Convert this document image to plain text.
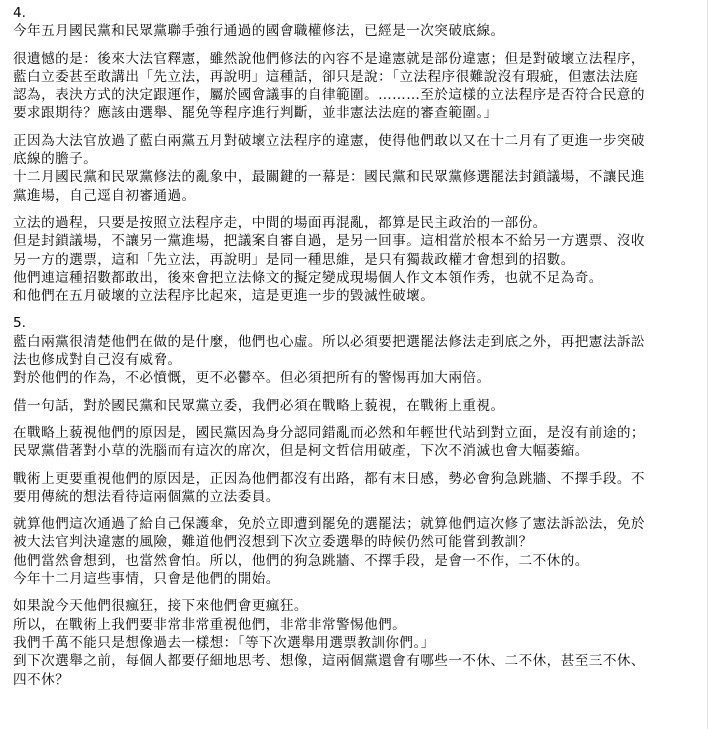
4.
今年五月國民黨和民眾黨聯手強行通過的國會職權修法，已經是一次突破底線。
很遺憾的是：後來大法官釋憲，雖然說他們修法的內容不是違憲就是部份違憲；但是對破壞立法程序，
藍白立委甚至敢講出「先立法，再說明」這種話，卻只是說：「立法程序很難說沒有瑕疵，但憲法法庭
認為，表決方式的決定跟運作，屬於國會議事的自律範圍。………至於這樣的立法程序是否符合民意的
要求跟期待？應該由選舉、罷免等程序進行判斷，並非憲法法庭的審查範圍。」
正因為大法官放過了藍白兩黨五月對破壞立法程序的違憲，使得他們敢以又在十二月有了更進一步突破
底線的膽子。
十二月國民黨和民眾黨修法的亂象中，最關鍵的一幕是：國民黨和民眾黨修選罷法封鎖議場，不讓民進
黨進場，自己逕自初審通過。
立法的過程，只要是按照立法程序走，中間的場面再混亂，都算是民主政治的一部份。
但是封鎖議場，不讓另一黨進場，把議案自審自過，是另一回事。這相當於根本不給另一方選票、沒收
另一方的選票，這和「先立法，再說明」是同一種思維，是只有獨裁政權才會想到的招數。
他們連這種招數都敢出，後來會把立法條文的擬定變成現場個人作文本領作秀，也就不足為奇。
和他們在五月破壞的立法程序比起來，這是更進一步的毀滅性破壞。
5.
藍白兩黨很清楚他們在做的是什麼，他們也心虛。所以必須要把選罷法修法走到底之外，再把憲法訴訟
法也修成對自己沒有威脅。
對於他們的作為，不必憤慨，更不必鬱卒。但必須把所有的警惕再加大兩倍。
借一句話，對於國民黨和民眾黨立委，我們必須在戰略上藐視，在戰術上重視。
在戰略上藐視他們的原因是，國民黨因為身分認同錯亂而必然和年輕世代站到對立面，是沒有前途的；
民眾黨借著對小草的洗腦而有這次的席次，但是柯文哲信用破產，下次不消滅也會大幅萎縮。
戰術上更要重視他們的原因是，正因為他們都沒有出路，都有末日感，勢必會狗急跳牆、不擇手段。不
要用傳統的想法看待這兩個黨的立法委員。
就算他們這次通過了給自己保護傘，免於立即遭到罷免的選罷法；就算他們這次修了憲法訴訟法，免於
被大法官判決違憲的風險，難道他們沒想到下次立委選舉的時候仍然可能嘗到教訓？
他們當然會想到，也當然會怕。所以，他們的狗急跳牆、不擇手段，是會一不作，二不休的。
今年十二月這些事情，只會是他們的開始。
如果說今天他們很瘋狂，接下來他們會更瘋狂。
所以，在戰術上我們要非常非常重視他們，非常非常警惕他們。
我們千萬不能只是想像過去一樣想：「等下次選舉用選票教訓你們。」
到下次選舉之前，每個人都要仔細地思考、想像，這兩個黨還會有哪些一不休、二不休，甚至三不休、
四不休？
